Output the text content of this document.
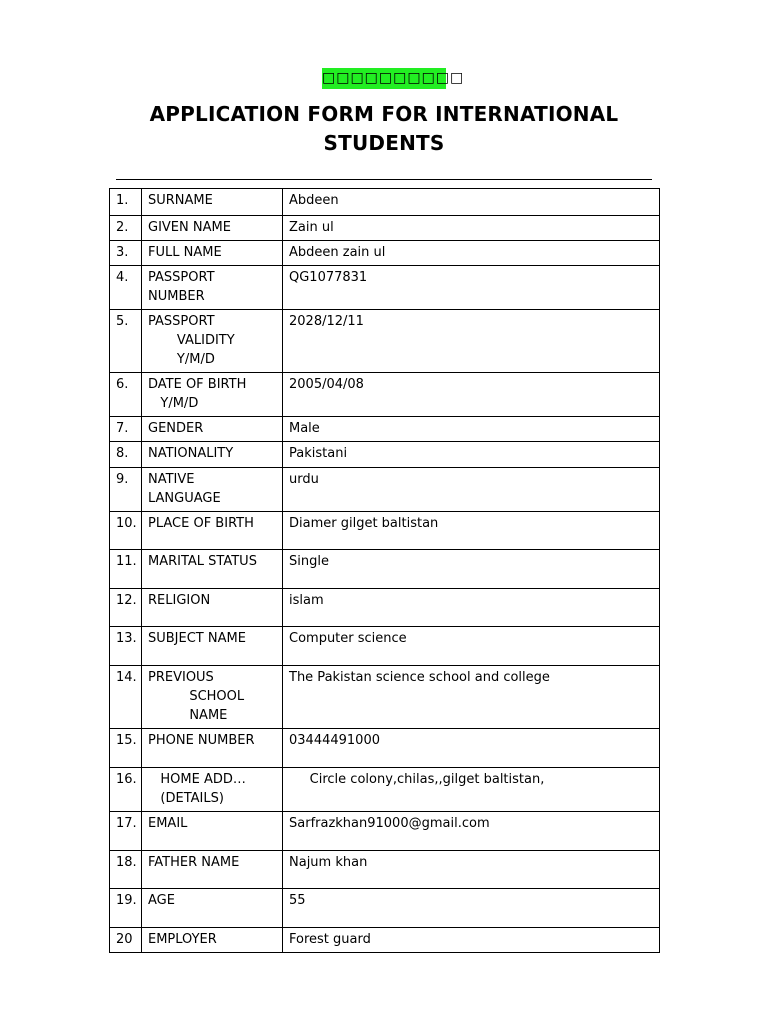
□□□□□□□□□□
APPLICATION FORM FOR INTERNATIONAL STUDENTS
1.	SURNAME	Abdeen
2.	GIVEN NAME	Zain ul
3.	FULL NAME	Abdeen zain ul
4.	PASSPORT
NUMBER	QG1077831
5.	PASSPORT
VALIDITY
Y/M/D	2028/12/11
6.	DATE OF BIRTH
Y/M/D	2005/04/08
7.	GENDER	Male
8.	NATIONALITY	Pakistani
9.	NATIVE
LANGUAGE	urdu
10.	PLACE OF BIRTH	Diamer gilget baltistan
11.	MARITAL STATUS	Single
12.	RELIGION	islam
13.	SUBJECT NAME	Computer science
14.	PREVIOUS
SCHOOL
NAME	The Pakistan science school and college
15.	PHONE NUMBER	03444491000
16.	HOME ADD…
(DETAILS)	Circle colony,chilas,,gilget baltistan,
17.	EMAIL	Sarfrazkhan91000@gmail.com
18.	FATHER NAME	Najum khan
19.	AGE	55
20	EMPLOYER	Forest guard
